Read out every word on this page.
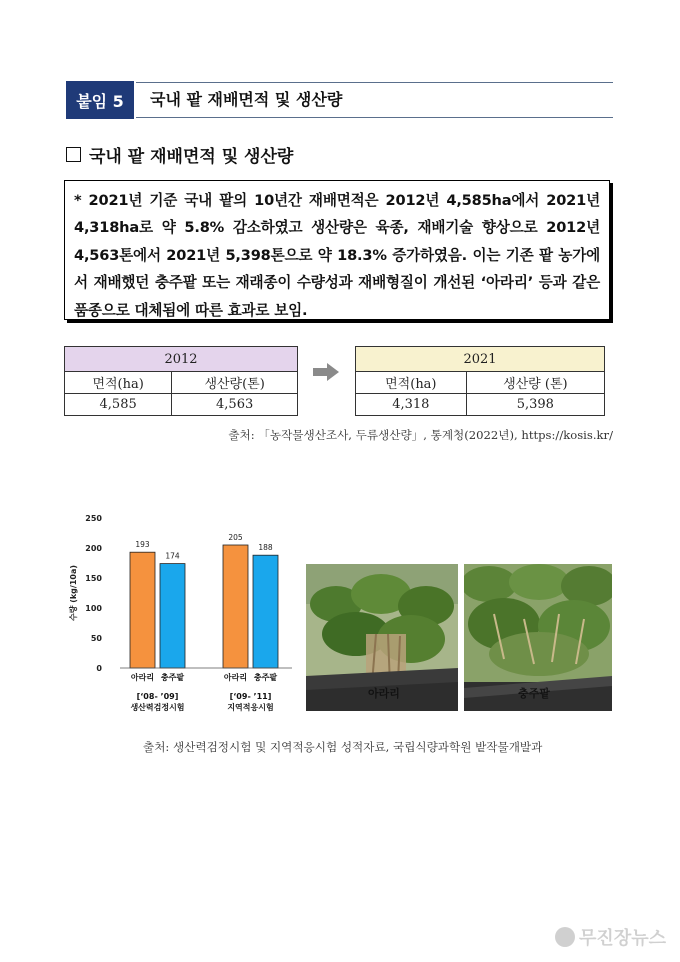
붙임 5	국내 팥 재배면적 및 생산량
국내 팥 재배면적 및 생산량
* 2021년 기준 국내 팥의 10년간 재배면적은 2012년 4,585ha에서 2021년 4,318ha로 약 5.8% 감소하였고 생산량은 육종, 재배기술 향상으로 2012년 4,563톤에서 2021년 5,398톤으로 약 18.3% 증가하였음. 이는 기존 팥 농가에서 재배했던 충주팥 또는 재래종이 수량성과 재배형질이 개선된 ‘아라리’ 등과 같은 품종으로 대체됨에 따른 효과로 보임.
2012	
면적(ha)	생산량(톤)
4,585	4,563
2021	
면적(ha)	생산량 (톤)
4,318	5,398
출처: 「농작물생산조사, 두류생산량」, 통계청(2022년), https://kosis.kr/
수량 (kg/10a)
0
50
100
150
200
250
193
아라리
174
충주팥
[‘08- ’09]
생산력검정시험
205
아라리
188
충주팥
[‘09- ’11]
지역적응시험
아라리	충주팥
출처: 생산력검정시험 및 지역적응시험 성적자료, 국립식량과학원 밭작물개발과
무진장뉴스
